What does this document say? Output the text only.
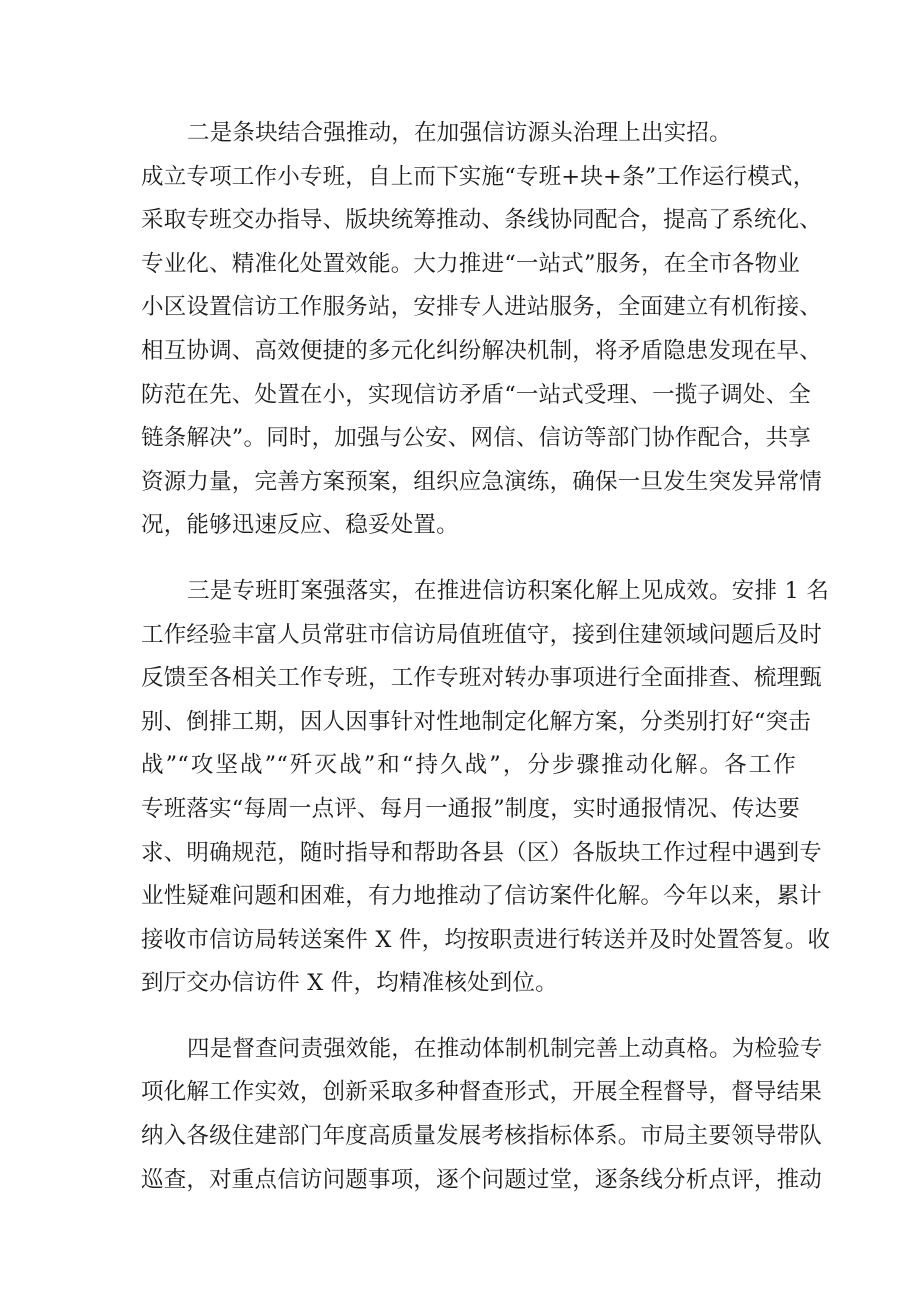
二是条块结合强推动，在加强信访源头治理上出实招。
成立专项工作小专班，自上而下实施“专班+块+条”工作运行模式，
采取专班交办指导、版块统筹推动、条线协同配合，提高了系统化、
专业化、精准化处置效能。大力推进“一站式”服务，在全市各物业
小区设置信访工作服务站，安排专人进站服务，全面建立有机衔接、
相互协调、高效便捷的多元化纠纷解决机制，将矛盾隐患发现在早、
防范在先、处置在小，实现信访矛盾“一站式受理、一揽子调处、全
链条解决”。同时，加强与公安、网信、信访等部门协作配合，共享
资源力量，完善方案预案，组织应急演练，确保一旦发生突发异常情
况，能够迅速反应、稳妥处置。
三是专班盯案强落实，在推进信访积案化解上见成效。安排 1 名
工作经验丰富人员常驻市信访局值班值守，接到住建领域问题后及时
反馈至各相关工作专班，工作专班对转办事项进行全面排查、梳理甄
别、倒排工期，因人因事针对性地制定化解方案，分类别打好“突击
战”“攻坚战”“歼灭战”和“持久战”，分步骤推动化解。各工作
专班落实“每周一点评、每月一通报”制度，实时通报情况、传达要
求、明确规范，随时指导和帮助各县（区）各版块工作过程中遇到专
业性疑难问题和困难，有力地推动了信访案件化解。今年以来，累计
接收市信访局转送案件 X 件，均按职责进行转送并及时处置答复。收
到厅交办信访件 X 件，均精准核处到位。
四是督查问责强效能，在推动体制机制完善上动真格。为检验专
项化解工作实效，创新采取多种督查形式，开展全程督导，督导结果
纳入各级住建部门年度高质量发展考核指标体系。市局主要领导带队
巡查，对重点信访问题事项，逐个问题过堂，逐条线分析点评，推动
